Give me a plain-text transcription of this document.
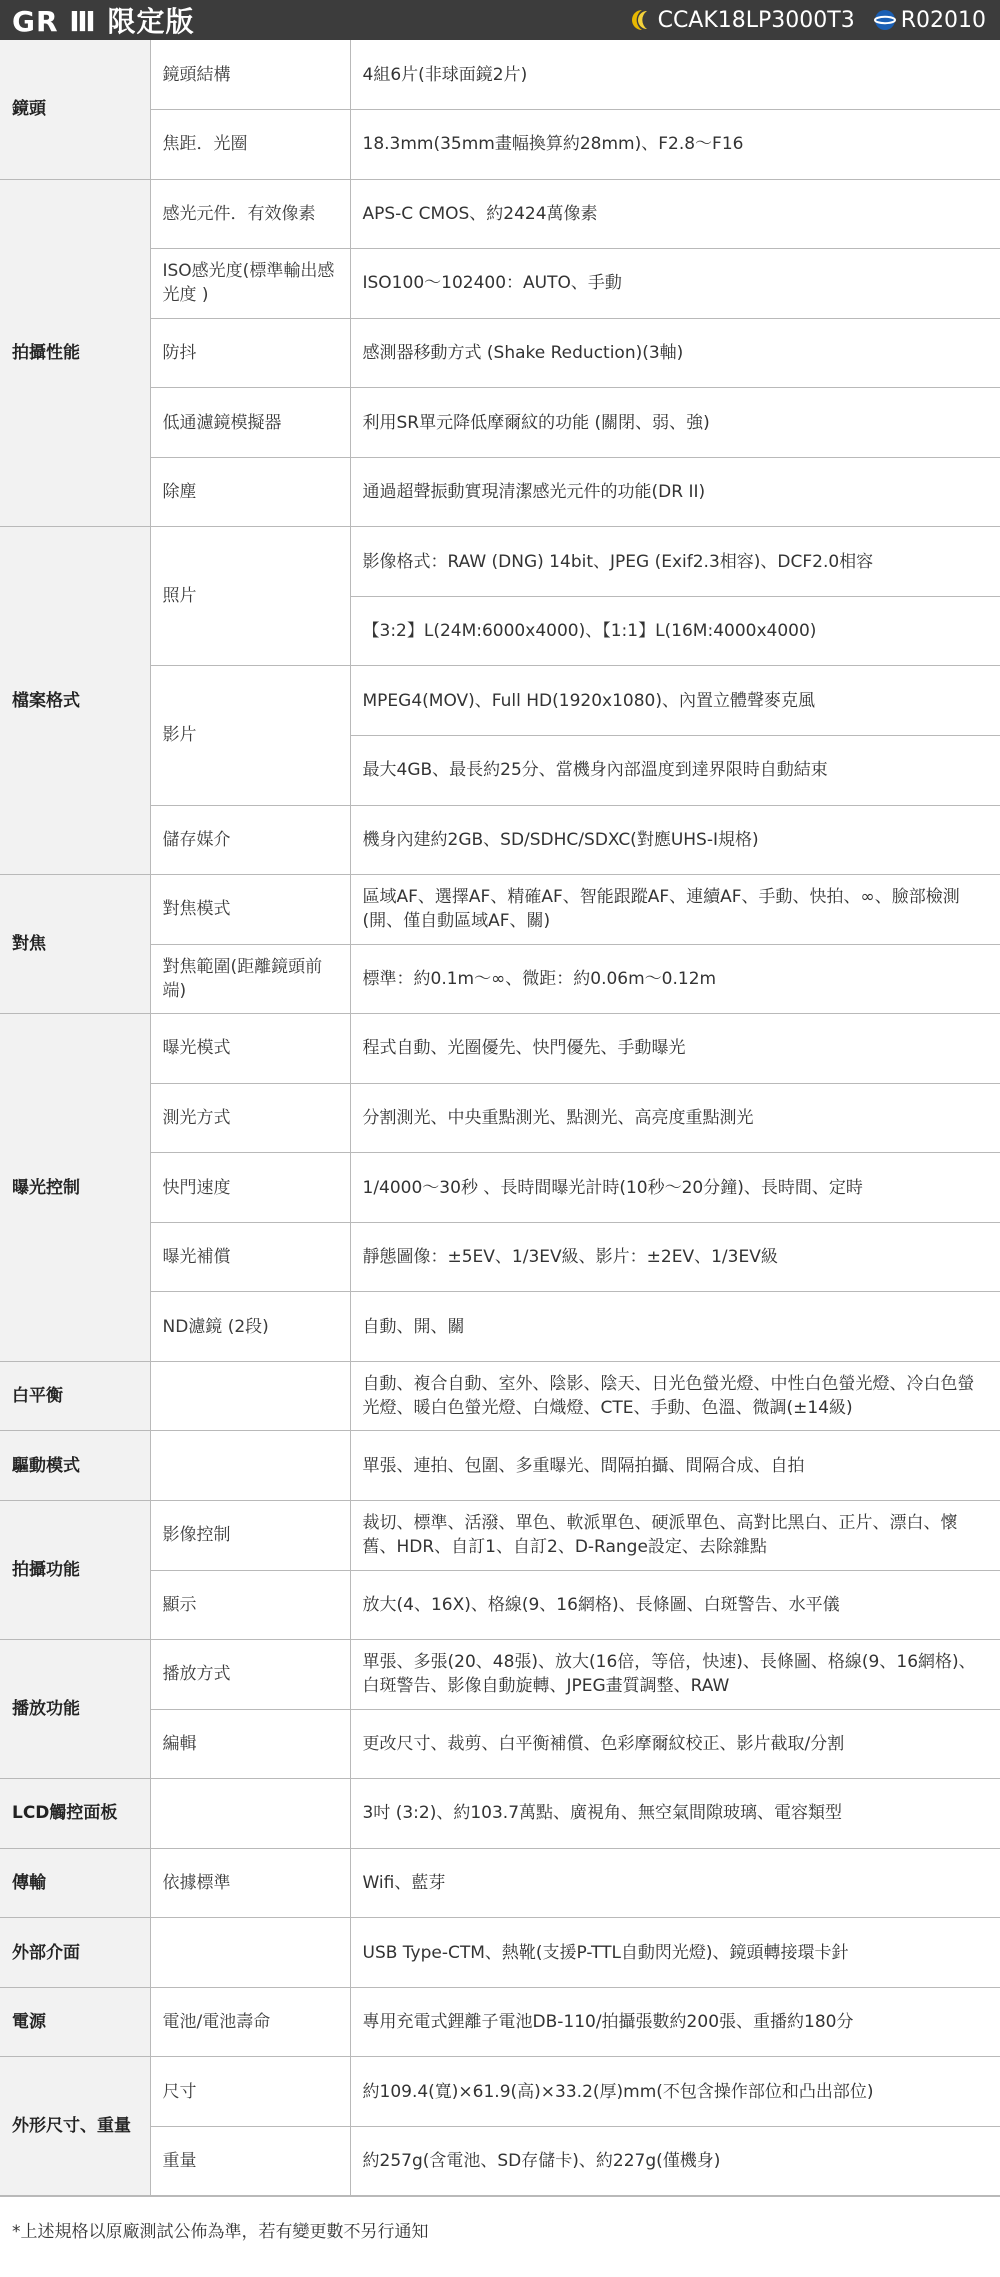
GR Ⅲ 限定版	CCAK18LP3000T3 R02010
鏡頭	鏡頭結構	4組6片(非球面鏡2片)
	焦距．光圈	18.3mm(35mm畫幅換算約28mm)、F2.8～F16
拍攝性能	感光元件．有效像素	APS-C CMOS、約2424萬像素
	ISO感光度(標準輸出感光度 )	ISO100～102400：AUTO、手動
	防抖	感測器移動方式 (Shake Reduction)(3軸)
	低通濾鏡模擬器	利用SR單元降低摩爾紋的功能 (關閉、弱、強)
	除塵	通過超聲振動實現清潔感光元件的功能(DR II)
檔案格式	照片	影像格式：RAW (DNG) 14bit、JPEG (Exif2.3相容)、DCF2.0相容
		【3:2】L(24M:6000x4000)、【1:1】L(16M:4000x4000)
	影片	MPEG4(MOV)、Full HD(1920x1080)、內置立體聲麥克風
		最大4GB、最長約25分、當機身內部溫度到達界限時自動結束
	儲存媒介	機身內建約2GB、SD/SDHC/SDXC(對應UHS-I規格)
對焦	對焦模式	區域AF、選擇AF、精確AF、智能跟蹤AF、連續AF、手動、快拍、∞、臉部檢測(開、僅自動區域AF、關)
	對焦範圍(距離鏡頭前端)	標準：約0.1m～∞、微距：約0.06m～0.12m
曝光控制	曝光模式	程式自動、光圈優先、快門優先、手動曝光
	測光方式	分割測光、中央重點測光、點測光、高亮度重點測光
	快門速度	1/4000～30秒 、長時間曝光計時(10秒～20分鐘)、長時間、定時
	曝光補償	靜態圖像：±5EV、1/3EV級、影片：±2EV、1/3EV級
	ND濾鏡 (2段)	自動、開、關
白平衡		自動、複合自動、室外、陰影、陰天、日光色螢光燈、中性白色螢光燈、冷白色螢光燈、暖白色螢光燈、白熾燈、CTE、手動、色溫、微調(±14級)
驅動模式		單張、連拍、包圍、多重曝光、間隔拍攝、間隔合成、自拍
拍攝功能	影像控制	裁切、標準、活潑、單色、軟派單色、硬派單色、高對比黑白、正片、漂白、懷舊、HDR、自訂1、自訂2、D-Range設定、去除雜點
	顯示	放大(4、16X)、格線(9、16網格)、長條圖、白斑警告、水平儀
播放功能	播放方式	單張、多張(20、48張)、放大(16倍，等倍，快速)、長條圖、格線(9、16網格)、白斑警告、影像自動旋轉、JPEG畫質調整、RAW
	編輯	更改尺寸、裁剪、白平衡補償、色彩摩爾紋校正、影片截取/分割
LCD觸控面板		3吋 (3:2)、約103.7萬點、廣視角、無空氣間隙玻璃、電容類型
傳輸	依據標準	Wifi、藍芽
外部介面		USB Type-CTM、熱靴(支援P-TTL自動閃光燈)、鏡頭轉接環卡針
電源	電池/電池壽命	專用充電式鋰離子電池DB-110/拍攝張數約200張、重播約180分
外形尺寸、重量	尺寸	約109.4(寬)×61.9(高)×33.2(厚)mm(不包含操作部位和凸出部位)
	重量	約257g(含電池、SD存儲卡)、約227g(僅機身)
*上述規格以原廠測試公佈為準，若有變更數不另行通知
